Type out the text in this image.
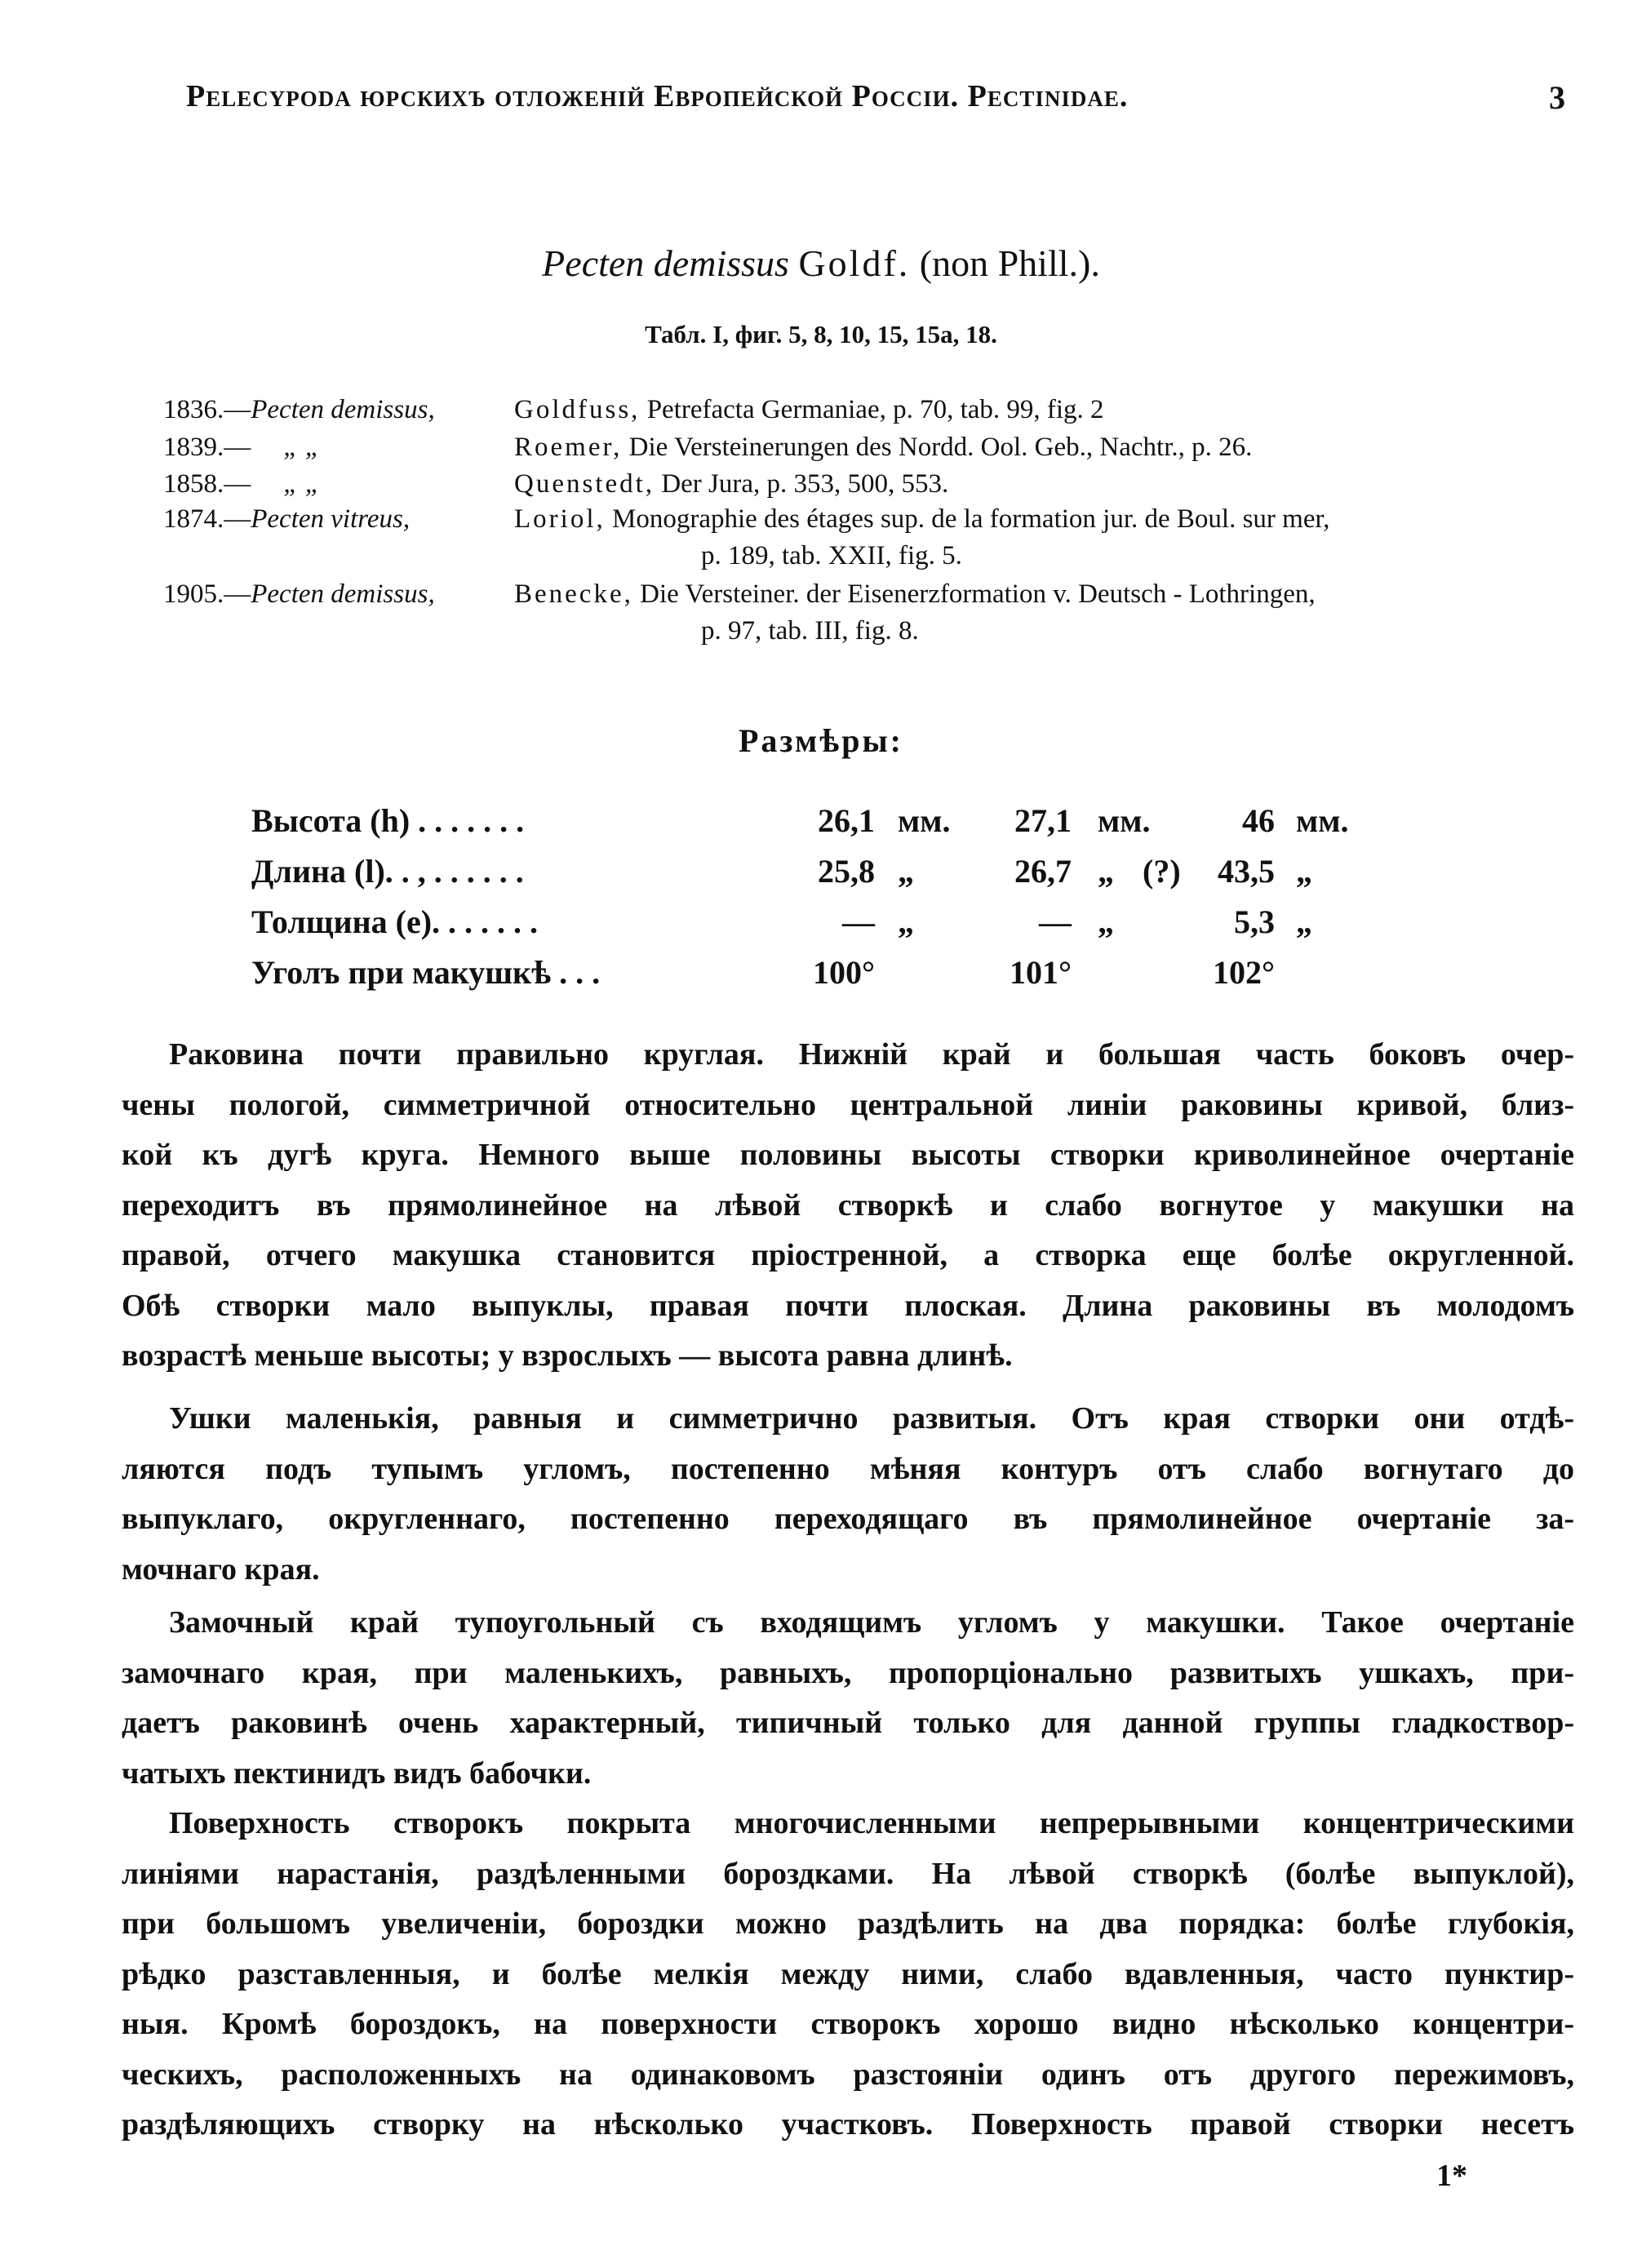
Pelecypoda юрскихъ отложеній Европейской Россіи. Pectinidae.	3
Pecten demissus Goldf. (non Phill.).
Табл. I, фиг. 5, 8, 10, 15, 15a, 18.
1836.—Pecten demissus,	Goldfuss, Petrefacta Germaniae, p. 70, tab. 99, fig. 2
1839.— „ „	Roemer, Die Versteinerungen des Nordd. Ool. Geb., Nachtr., p. 26.
1858.— „ „	Quenstedt, Der Jura, p. 353, 500, 553.
1874.—Pecten vitreus,	Loriol, Monographie des étages sup. de la formation jur. de Boul. sur mer,
p. 189, tab. XXII, fig. 5.
1905.—Pecten demissus,	Benecke, Die Versteiner. der Eisenerzformation v. Deutsch - Lothringen,
p. 97, tab. III, fig. 8.
Размѣры:
Высота (h) . . . . . . .	26,1 мм.	27,1 мм.	46 мм.
Длина (l). . , . . . . . .	25,8 „	26,7 „ (?)	43,5 „
Толщина (e). . . . . . .	— „	— „	5,3 „
Уголъ при макушкѣ . . .	100°	101°	102°
Раковина почти правильно круглая. Нижній край и большая часть боковъ очер-
чены пологой, симметричной относительно центральной линіи раковины кривой, близ-
кой къ дугѣ круга. Немного выше половины высоты створки криволинейное очертаніе
переходитъ въ прямолинейное на лѣвой створкѣ и слабо вогнутое у макушки на
правой, отчего макушка становится пріостренной, а створка еще болѣе округленной.
Обѣ створки мало выпуклы, правая почти плоская. Длина раковины въ молодомъ
возрастѣ меньше высоты; у взрослыхъ — высота равна длинѣ.
Ушки маленькія, равныя и симметрично развитыя. Отъ края створки они отдѣ-
ляются подъ тупымъ угломъ, постепенно мѣняя контуръ отъ слабо вогнутаго до
выпуклаго, округленнаго, постепенно переходящаго въ прямолинейное очертаніе за-
мочнаго края.
Замочный край тупоугольный съ входящимъ угломъ у макушки. Такое очертаніе
замочнаго края, при маленькихъ, равныхъ, пропорціонально развитыхъ ушкахъ, при-
даетъ раковинѣ очень характерный, типичный только для данной группы гладкоствор-
чатыхъ пектинидъ видъ бабочки.
Поверхность створокъ покрыта многочисленными непрерывными концентрическими
линіями нарастанія, раздѣленными бороздками. На лѣвой створкѣ (болѣе выпуклой),
при большомъ увеличеніи, бороздки можно раздѣлить на два порядка: болѣе глубокія,
рѣдко разставленныя, и болѣе мелкія между ними, слабо вдавленныя, часто пунктир-
ныя. Кромѣ бороздокъ, на поверхности створокъ хорошо видно нѣсколько концентри-
ческихъ, расположенныхъ на одинаковомъ разстояніи одинъ отъ другого пережимовъ,
раздѣляющихъ створку на нѣсколько участковъ. Поверхность правой створки несетъ
1*
